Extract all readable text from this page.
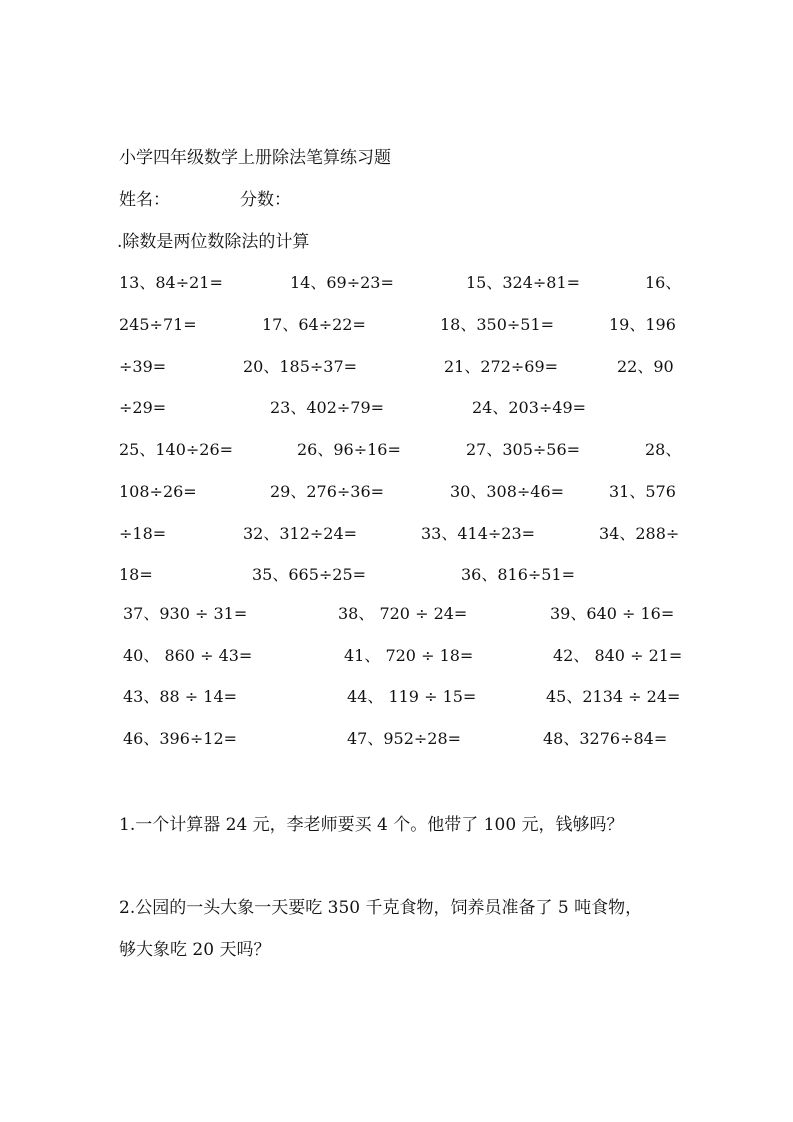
小学四年级数学上册除法笔算练习题
姓名：	分数：
.除数是两位数除法的计算
13、84÷21=	14、69÷23=	15、324÷81=	16、
245÷71=	17、64÷22=	18、350÷51=	19、196
÷39=	20、185÷37=	21、272÷69=	22、90
÷29=	23、402÷79=	24、203÷49=
25、140÷26=	26、96÷16=	27、305÷56=	28、
108÷26=	29、276÷36=	30、308÷46=	31、576
÷18=	32、312÷24=	33、414÷23=	34、288÷
18=	35、665÷25=	36、816÷51=
37、930 ÷ 31=	38、 720 ÷ 24=	39、640 ÷ 16=
40、 860 ÷ 43=	41、 720 ÷ 18=	42、 840 ÷ 21=
43、88 ÷ 14=	44、 119 ÷ 15=	45、2134 ÷ 24=
46、396÷12=	47、952÷28=	48、3276÷84=
1.一个计算器 24 元，李老师要买 4 个。他带了 100 元，钱够吗？
2.公园的一头大象一天要吃 350 千克食物，饲养员准备了 5 吨食物，
够大象吃 20 天吗？
